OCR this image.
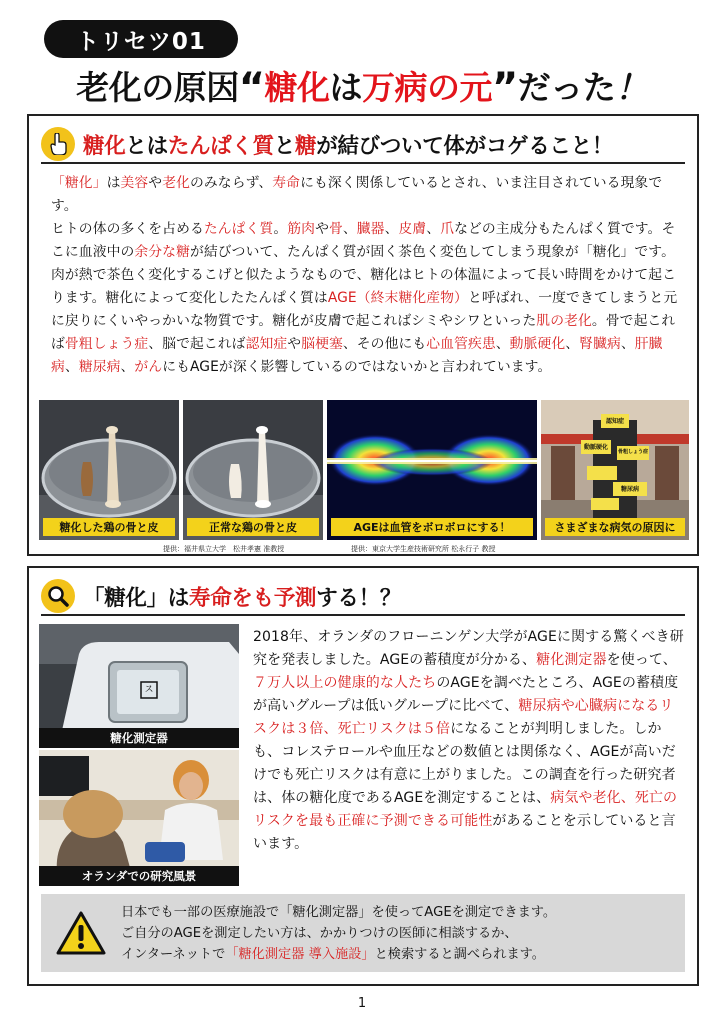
トリセツ01
老化の原因“糖化は万病の元”だった！
糖化とはたんぱく質と糖が結びついて体がコゲること！

「糖化」は美容や老化のみならず、寿命にも深く関係しているとされ、いま注目されている現象です。

ヒトの体の多くを占めるたんぱく質。筋肉や骨、臓器、皮膚、爪などの主成分もたんぱく質です。そこに血液中の余分な糖が結びついて、たんぱく質が固く茶色く変色してしまう現象が「糖化」です。肉が熱で茶色く変化するこげと似たようなもので、糖化はヒトの体温によって長い時間をかけて起こります。糖化によって変化したたんぱく質はAGE（終末糖化産物）と呼ばれ、一度できてしまうと元に戻りにくいやっかいな物質です。糖化が皮膚で起こればシミやシワといった肌の老化。骨で起これば骨粗しょう症、脳で起これば認知症や脳梗塞、その他にも心血管疾患、動脈硬化、腎臓病、肝臓病、糖尿病、がんにもAGEが深く影響しているのではないかと言われています。

糖化した鶏の骨と皮	正常な鶏の骨と皮	AGEは血管をボロボロにする！
認知症
動脈硬化
骨粗しょう症
糖尿病
さまざまな病気の原因に
提供：福井県立大学　松井孝憲 准教授	提供：東京大学生産技術研究所 松永行子 教授
「糖化」は寿命をも予測する！？
ス
糖化測定器
オランダでの研究風景

2018年、オランダのフローニンゲン大学がAGEに関する驚くべき研究を発表しました。AGEの蓄積度が分かる、糖化測定器を使って、７万人以上の健康的な人たちのAGEを調べたところ、AGEの蓄積度が高いグループは低いグループに比べて、糖尿病や心臓病になるリスクは３倍、死亡リスクは５倍になることが判明しました。しかも、コレステロールや血圧などの数値とは関係なく、AGEが高いだけでも死亡リスクは有意に上がりました。この調査を行った研究者は、体の糖化度であるAGEを測定することは、病気や老化、死亡のリスクを最も正確に予測できる可能性があることを示していると言います。

日本でも一部の医療施設で「糖化測定器」を使ってAGEを測定できます。
ご自分のAGEを測定したい方は、かかりつけの医師に相談するか、
インターネットで「糖化測定器 導入施設」と検索すると調べられます。
1
